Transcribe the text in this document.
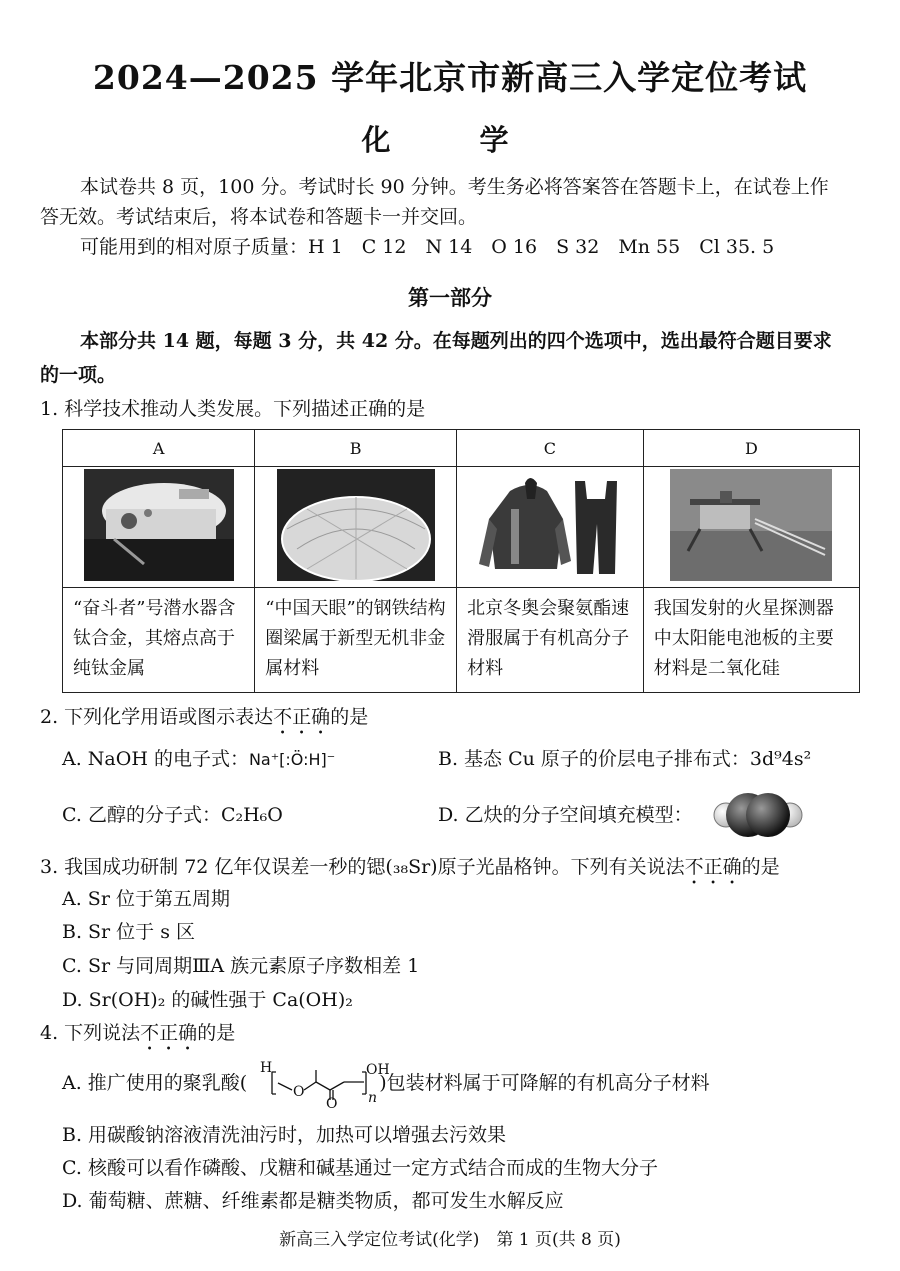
2024—2025 学年北京市新高三入学定位考试
化　学
本试卷共 8 页，100 分。考试时长 90 分钟。考生务必将答案答在答题卡上，在试卷上作
答无效。考试结束后，将本试卷和答题卡一并交回。
可能用到的相对原子质量：H 1　C 12　N 14　O 16　S 32　Mn 55　Cl 35. 5
第一部分
本部分共 14 题，每题 3 分，共 42 分。在每题列出的四个选项中，选出最符合题目要求
的一项。
1. 科学技术推动人类发展。下列描述正确的是
A	B	C	D

“奋斗者”号潜水器含钛合金，其熔点高于纯钛金属	“中国天眼”的钢铁结构圈梁属于新型无机非金属材料	北京冬奥会聚氨酯速滑服属于有机高分子材料	我国发射的火星探测器中太阳能电池板的主要材料是二氧化硅
2. 下列化学用语或图示表达不正确的是
A. NaOH 的电子式：Na⁺[:Ö:H]⁻	B. 基态 Cu 原子的价层电子排布式：3d⁹4s²
C. 乙醇的分子式：C₂H₆O	D. 乙炔的分子空间填充模型：
3. 我国成功研制 72 亿年仅误差一秒的锶(₃₈Sr)原子光晶格钟。下列有关说法不正确的是
A. Sr 位于第五周期
B. Sr 位于 s 区
C. Sr 与同周期ⅢA 族元素原子序数相差 1
D. Sr(OH)₂ 的碱性强于 Ca(OH)₂
4. 下列说法不正确的是
A. 推广使用的聚乳酸(	)包装材料属于可降解的有机高分子材料
H
O
O
OH
n
B. 用碳酸钠溶液清洗油污时，加热可以增强去污效果
C. 核酸可以看作磷酸、戊糖和碱基通过一定方式结合而成的生物大分子
D. 葡萄糖、蔗糖、纤维素都是糖类物质，都可发生水解反应
新高三入学定位考试(化学)　第 1 页(共 8 页)
